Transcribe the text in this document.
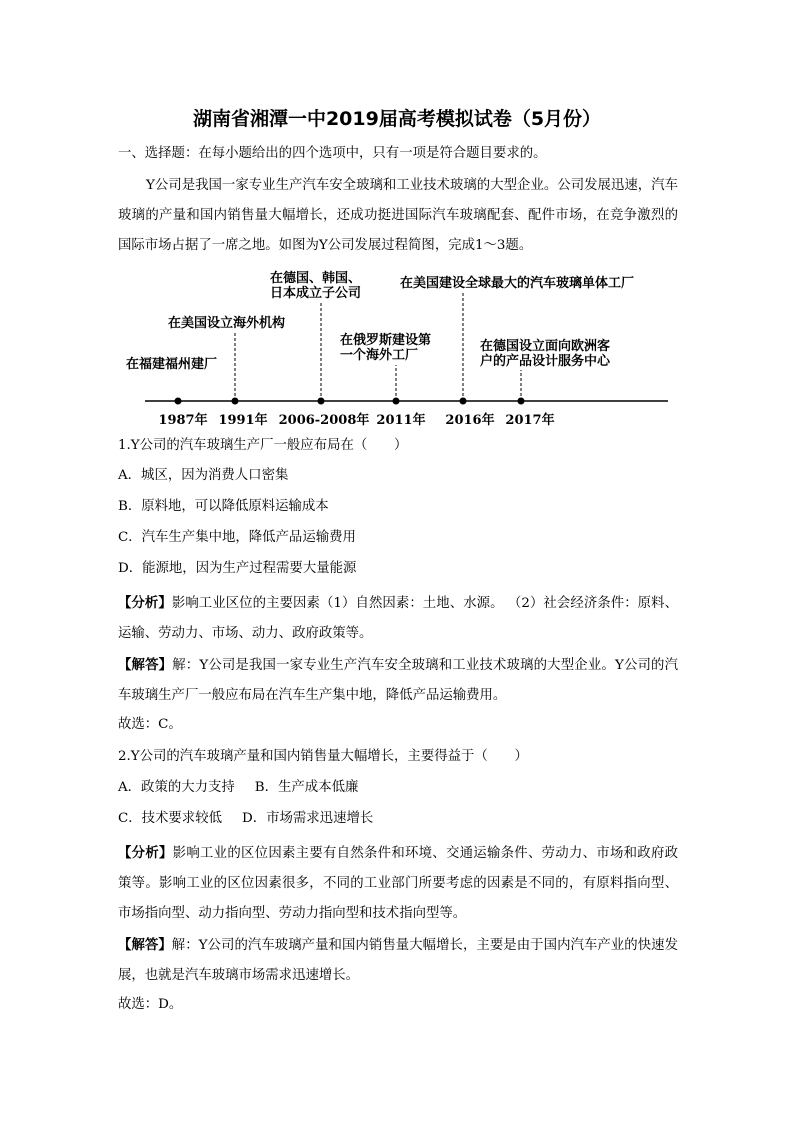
湖南省湘潭一中2019届高考模拟试卷（5月份）
一、选择题：在每小题给出的四个选项中，只有一项是符合题目要求的。
Y公司是我国一家专业生产汽车安全玻璃和工业技术玻璃的大型企业。公司发展迅速，汽车玻璃的产量和国内销售量大幅增长，还成功挺进国际汽车玻璃配套、配件市场，在竞争激烈的国际市场占据了一席之地。如图为Y公司发展过程简图，完成1～3题。
1987年 1991年 2006-2008年 2011年 2016年 2017年
在福建福州建厂
在美国设立海外机构
在德国、韩国、
日本成立子公司
在俄罗斯建设第
一个海外工厂
在美国建设全球最大的汽车玻璃单体工厂
在德国设立面向欧洲客
户的产品设计服务中心
1.Y公司的汽车玻璃生产厂一般应布局在（　　）
A．城区，因为消费人口密集
B．原料地，可以降低原料运输成本
C．汽车生产集中地，降低产品运输费用
D．能源地，因为生产过程需要大量能源
【分析】影响工业区位的主要因素（1）自然因素：土地、水源。 （2）社会经济条件：原料、运输、劳动力、市场、动力、政府政策等。
【解答】解：Y公司是我国一家专业生产汽车安全玻璃和工业技术玻璃的大型企业。Y公司的汽车玻璃生产厂一般应布局在汽车生产集中地，降低产品运输费用。
故选：C。
2.Y公司的汽车玻璃产量和国内销售量大幅增长，主要得益于（　　）
A．政策的大力支持 B．生产成本低廉
C．技术要求较低 D．市场需求迅速增长
【分析】影响工业的区位因素主要有自然条件和环境、交通运输条件、劳动力、市场和政府政策等。影响工业的区位因素很多，不同的工业部门所要考虑的因素是不同的，有原料指向型、市场指向型、动力指向型、劳动力指向型和技术指向型等。
【解答】解：Y公司的汽车玻璃产量和国内销售量大幅增长，主要是由于国内汽车产业的快速发展，也就是汽车玻璃市场需求迅速增长。
故选：D。
